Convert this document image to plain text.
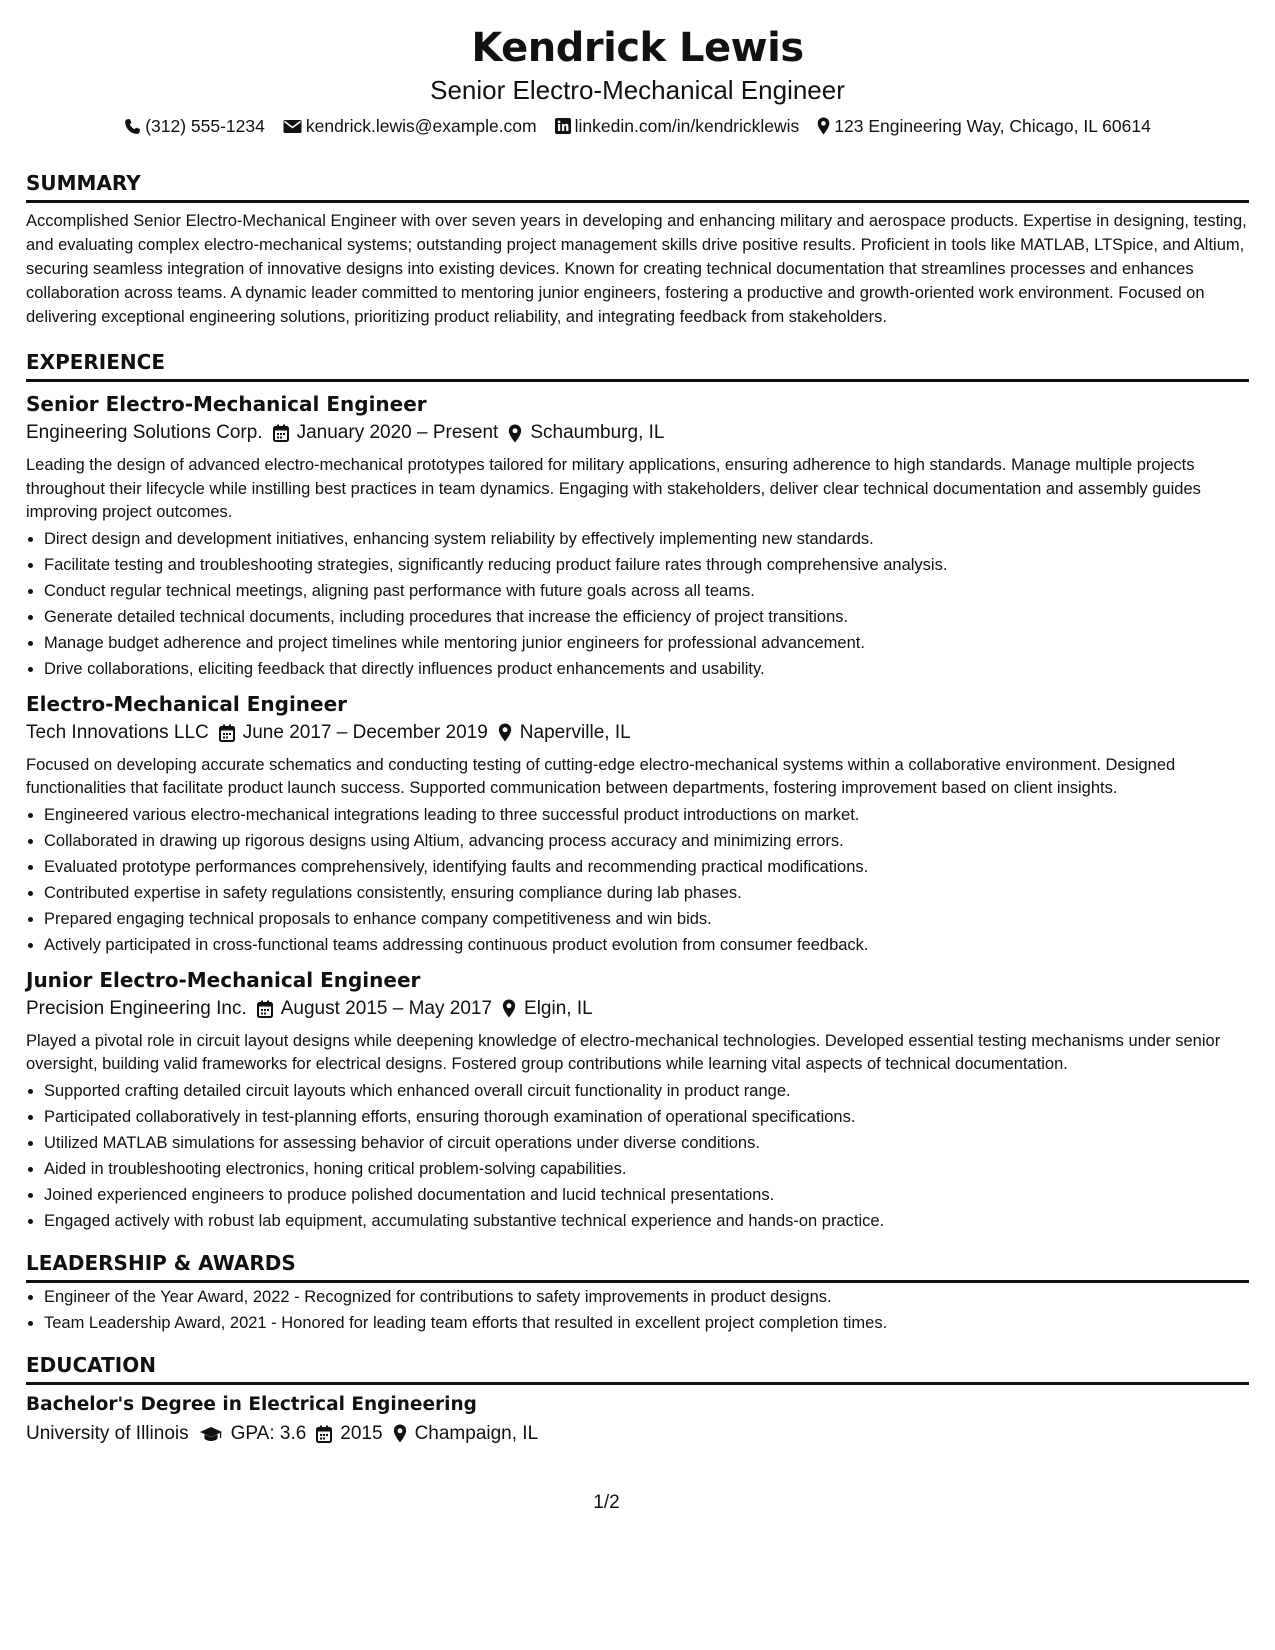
Kendrick Lewis
Senior Electro-Mechanical Engineer
(312) 555-1234 kendrick.lewis@example.com linkedin.com/in/kendricklewis 123 Engineering Way, Chicago, IL 60614
SUMMARY

Accomplished Senior Electro-Mechanical Engineer with over seven years in developing and enhancing military and aerospace products. Expertise in designing, testing, and evaluating complex electro-mechanical systems; outstanding project management skills drive positive results. Proficient in tools like MATLAB, LTSpice, and Altium, securing seamless integration of innovative designs into existing devices. Known for creating technical documentation that streamlines processes and enhances collaboration across teams. A dynamic leader committed to mentoring junior engineers, fostering a productive and growth-oriented work environment. Focused on delivering exceptional engineering solutions, prioritizing product reliability, and integrating feedback from stakeholders.

EXPERIENCE
Senior Electro-Mechanical Engineer
Engineering Solutions Corp. January 2020 – Present Schaumburg, IL

Leading the design of advanced electro-mechanical prototypes tailored for military applications, ensuring adherence to high standards. Manage multiple projects throughout their lifecycle while instilling best practices in team dynamics. Engaging with stakeholders, deliver clear technical documentation and assembly guides improving project outcomes.

• Direct design and development initiatives, enhancing system reliability by effectively implementing new standards.
• Facilitate testing and troubleshooting strategies, significantly reducing product failure rates through comprehensive analysis.
• Conduct regular technical meetings, aligning past performance with future goals across all teams.
• Generate detailed technical documents, including procedures that increase the efficiency of project transitions.
• Manage budget adherence and project timelines while mentoring junior engineers for professional advancement.
• Drive collaborations, eliciting feedback that directly influences product enhancements and usability.
Electro-Mechanical Engineer
Tech Innovations LLC June 2017 – December 2019 Naperville, IL

Focused on developing accurate schematics and conducting testing of cutting-edge electro-mechanical systems within a collaborative environment. Designed functionalities that facilitate product launch success. Supported communication between departments, fostering improvement based on client insights.

• Engineered various electro-mechanical integrations leading to three successful product introductions on market.
• Collaborated in drawing up rigorous designs using Altium, advancing process accuracy and minimizing errors.
• Evaluated prototype performances comprehensively, identifying faults and recommending practical modifications.
• Contributed expertise in safety regulations consistently, ensuring compliance during lab phases.
• Prepared engaging technical proposals to enhance company competitiveness and win bids.
• Actively participated in cross-functional teams addressing continuous product evolution from consumer feedback.
Junior Electro-Mechanical Engineer
Precision Engineering Inc. August 2015 – May 2017 Elgin, IL

Played a pivotal role in circuit layout designs while deepening knowledge of electro-mechanical technologies. Developed essential testing mechanisms under senior oversight, building valid frameworks for electrical designs. Fostered group contributions while learning vital aspects of technical documentation.

• Supported crafting detailed circuit layouts which enhanced overall circuit functionality in product range.
• Participated collaboratively in test-planning efforts, ensuring thorough examination of operational specifications.
• Utilized MATLAB simulations for assessing behavior of circuit operations under diverse conditions.
• Aided in troubleshooting electronics, honing critical problem-solving capabilities.
• Joined experienced engineers to produce polished documentation and lucid technical presentations.
• Engaged actively with robust lab equipment, accumulating substantive technical experience and hands-on practice.
LEADERSHIP & AWARDS
• Engineer of the Year Award, 2022 - Recognized for contributions to safety improvements in product designs.
• Team Leadership Award, 2021 - Honored for leading team efforts that resulted in excellent project completion times.
EDUCATION
Bachelor's Degree in Electrical Engineering
University of Illinois GPA: 3.6 2015 Champaign, IL
1/2
